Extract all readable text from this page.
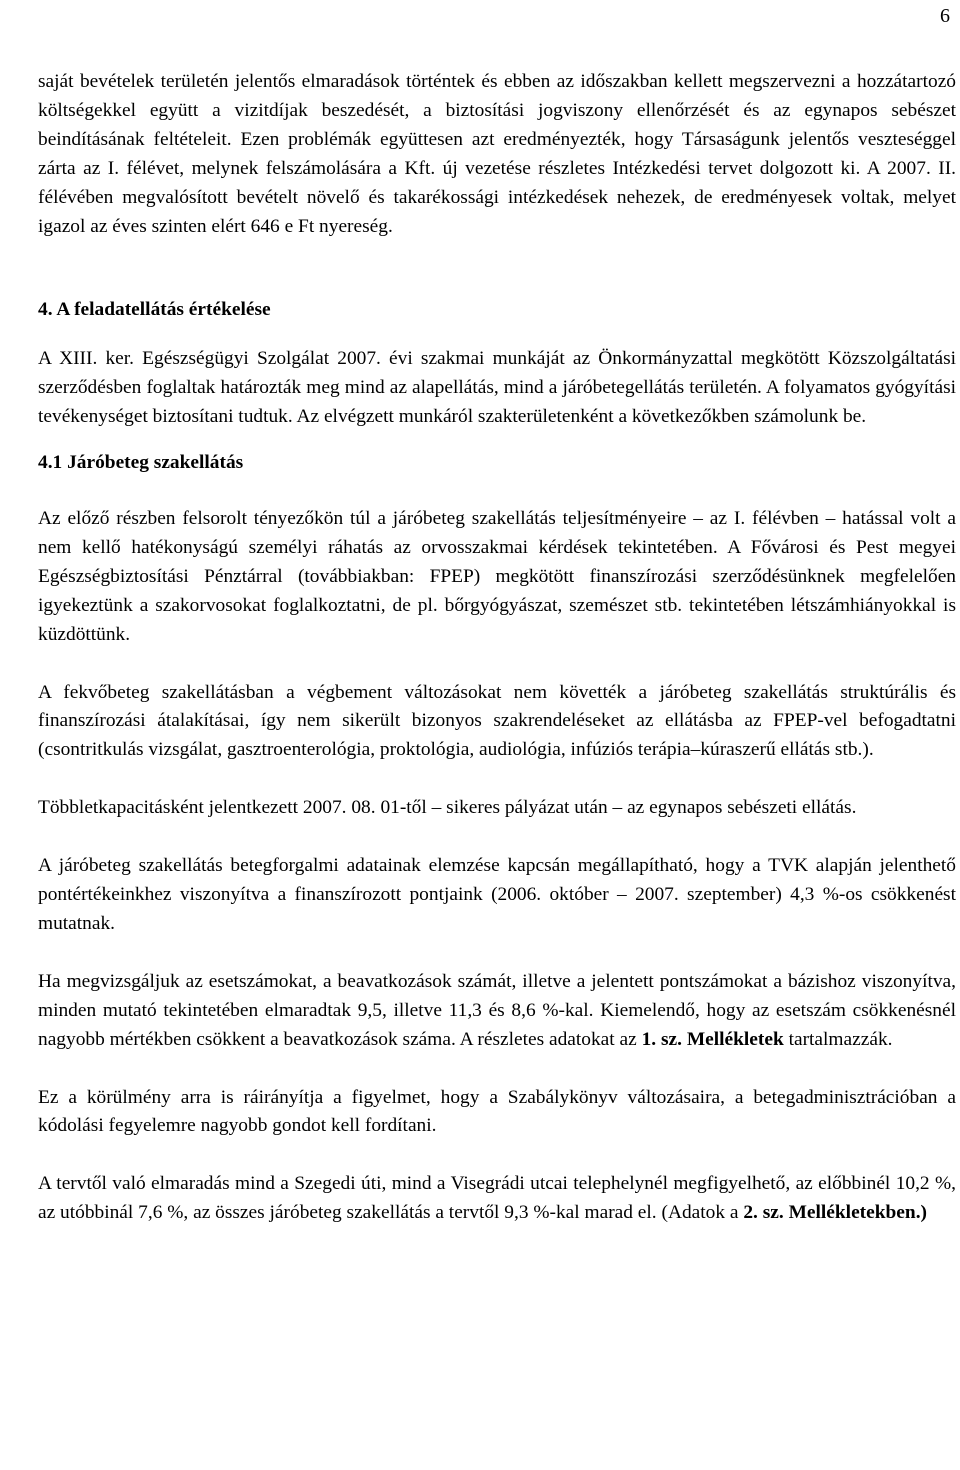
6

saját bevételek területén jelentős elmaradások történtek és ebben az időszakban kellett megszervezni a hozzátartozó költségekkel együtt a vizitdíjak beszedését, a biztosítási jogviszony ellenőrzését és az egynapos sebészet beindításának feltételeit. Ezen problémák együttesen azt eredményezték, hogy Társaságunk jelentős veszteséggel zárta az I. félévet, melynek felszámolására a Kft. új vezetése részletes Intézkedési tervet dolgozott ki. A 2007. II. félévében megvalósított bevételt növelő és takarékossági intézkedések nehezek, de eredményesek voltak, melyet igazol az éves szinten elért 646 e Ft nyereség.

4. A feladatellátás értékelése

A XIII. ker. Egészségügyi Szolgálat 2007. évi szakmai munkáját az Önkormányzattal megkötött Közszolgáltatási szerződésben foglaltak határozták meg mind az alapellátás, mind a járóbetegellátás területén. A folyamatos gyógyítási tevékenységet biztosítani tudtuk. Az elvégzett munkáról szakterületenként a következőkben számolunk be.

4.1 Járóbeteg szakellátás

Az előző részben felsorolt tényezőkön túl a járóbeteg szakellátás teljesítményeire – az I. félévben – hatással volt a nem kellő hatékonyságú személyi ráhatás az orvosszakmai kérdések tekintetében. A Fővárosi és Pest megyei Egészségbiztosítási Pénztárral (továbbiakban: FPEP) megkötött finanszírozási szerződésünknek megfelelően igyekeztünk a szakorvosokat foglalkoztatni, de pl. bőrgyógyászat, szemészet stb. tekintetében létszámhiányokkal is küzdöttünk.

A fekvőbeteg szakellátásban a végbement változásokat nem követték a járóbeteg szakellátás struktúrális és finanszírozási átalakításai, így nem sikerült bizonyos szakrendeléseket az ellátásba az FPEP-vel befogadtatni (csontritkulás vizsgálat, gasztroenterológia, proktológia, audiológia, infúziós terápia–kúraszerű ellátás stb.).

Többletkapacitásként jelentkezett 2007. 08. 01-től – sikeres pályázat után – az egynapos sebészeti ellátás.

A járóbeteg szakellátás betegforgalmi adatainak elemzése kapcsán megállapítható, hogy a TVK alapján jelenthető pontértékeinkhez viszonyítva a finanszírozott pontjaink (2006. október – 2007. szeptember) 4,3 %-os csökkenést mutatnak.

Ha megvizsgáljuk az esetszámokat, a beavatkozások számát, illetve a jelentett pontszámokat a bázishoz viszonyítva, minden mutató tekintetében elmaradtak 9,5, illetve 11,3 és 8,6 %-kal. Kiemelendő, hogy az esetszám csökkenésnél nagyobb mértékben csökkent a beavatkozások száma. A részletes adatokat az 1. sz. Mellékletek tartalmazzák.

Ez a körülmény arra is ráirányítja a figyelmet, hogy a Szabálykönyv változásaira, a betegadminisztrációban a kódolási fegyelemre nagyobb gondot kell fordítani.

A tervtől való elmaradás mind a Szegedi úti, mind a Visegrádi utcai telephelynél megfigyelhető, az előbbinél 10,2 %, az utóbbinál 7,6 %, az összes járóbeteg szakellátás a tervtől 9,3 %-kal marad el. (Adatok a 2. sz. Mellékletekben.)
